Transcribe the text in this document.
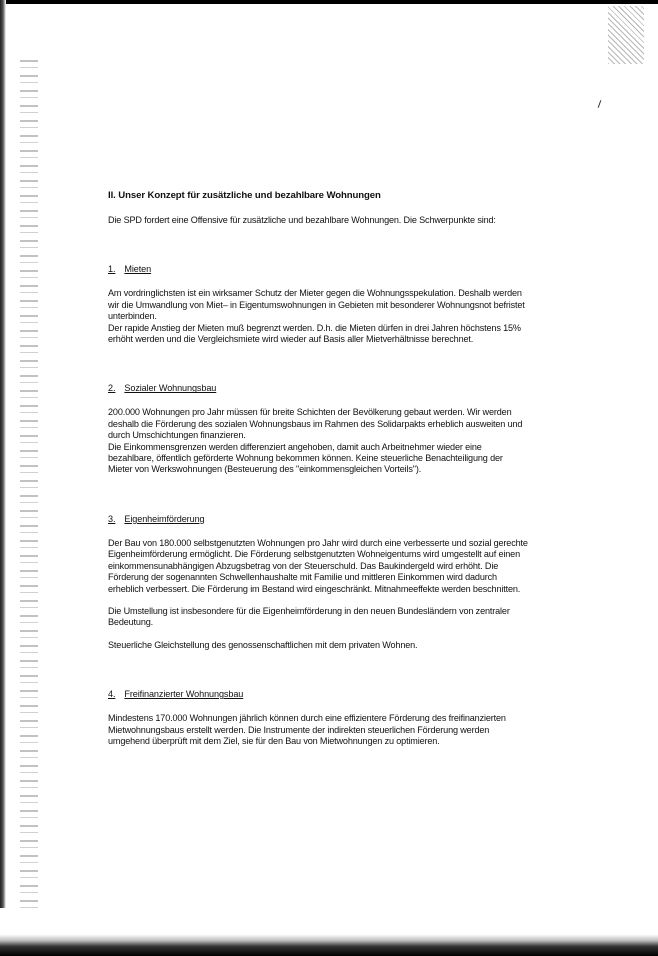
II. Unser Konzept für zusätzliche und bezahlbare Wohnungen

Die SPD fordert eine Offensive für zusätzliche und bezahlbare Wohnungen. Die Schwerpunkte sind:

1. Mieten

Am vordringlichsten ist ein wirksamer Schutz der Mieter gegen die Wohnungsspekulation. Deshalb werden wir die Umwandlung von Miet– in Eigentumswohnungen in Gebieten mit besonderer Wohnungsnot befristet unterbinden.
Der rapide Anstieg der Mieten muß begrenzt werden. D.h. die Mieten dürfen in drei Jahren höchstens 15% erhöht werden und die Vergleichsmiete wird wieder auf Basis aller Mietverhältnisse berechnet.

2. Sozialer Wohnungsbau

200.000 Wohnungen pro Jahr müssen für breite Schichten der Bevölkerung gebaut werden. Wir werden deshalb die Förderung des sozialen Wohnungsbaus im Rahmen des Solidarpakts erheblich ausweiten und durch Umschichtungen finanzieren.
Die Einkommensgrenzen werden differenziert angehoben, damit auch Arbeitnehmer wieder eine bezahlbare, öffentlich geförderte Wohnung bekommen können. Keine steuerliche Benachteiligung der Mieter von Werkswohnungen (Besteuerung des "einkommensgleichen Vorteils").

3. Eigenheimförderung

Der Bau von 180.000 selbstgenutzten Wohnungen pro Jahr wird durch eine verbesserte und sozial gerechte Eigenheimförderung ermöglicht. Die Förderung selbstgenutzten Wohneigentums wird umgestellt auf einen einkommensunabhängigen Abzugsbetrag von der Steuerschuld. Das Baukindergeld wird erhöht. Die Förderung der sogenannten Schwellenhaushalte mit Familie und mittleren Einkommen wird dadurch erheblich verbessert. Die Förderung im Bestand wird eingeschränkt. Mitnahmeeffekte werden beschnitten.

Die Umstellung ist insbesondere für die Eigenheimförderung in den neuen Bundesländern von zentraler Bedeutung.

Steuerliche Gleichstellung des genossenschaftlichen mit dem privaten Wohnen.

4. Freifinanzierter Wohnungsbau

Mindestens 170.000 Wohnungen jährlich können durch eine effizientere Förderung des freifinanzierten Mietwohnungsbaus erstellt werden. Die Instrumente der indirekten steuerlichen Förderung werden umgehend überprüft mit dem Ziel, sie für den Bau von Mietwohnungen zu optimieren.
